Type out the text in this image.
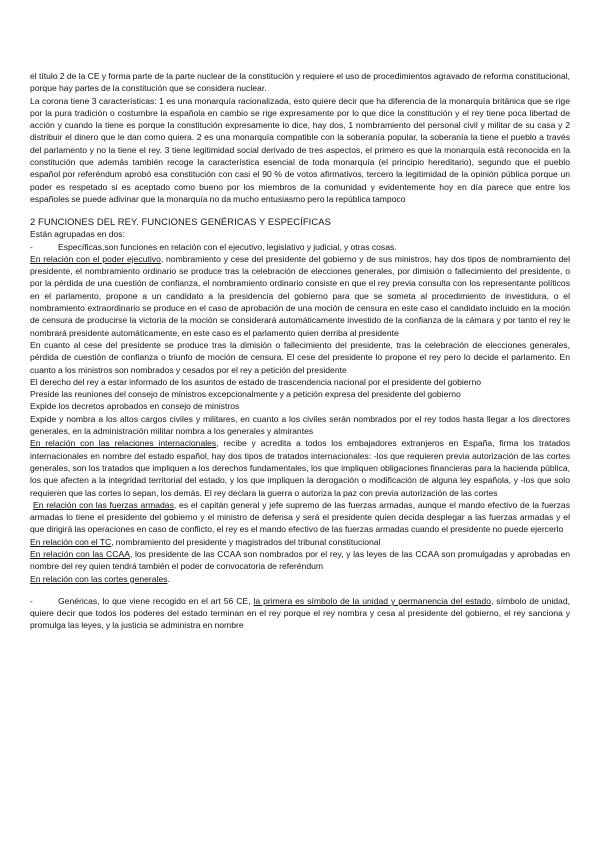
el título 2 de la CE y forma parte de la parte nuclear de la constitución y requiere el uso de procedimientos agravado de reforma constitucional, porque hay partes de la constitución que se considera nuclear.

La corona tiene 3 características: 1 es una monarquía racionalizada, esto quiere decir que ha diferencia de la monarquía británica que se rige por la pura tradición o costumbre la española en cambio se rige expresamente por lo que dice la constitución y el rey tiene poca libertad de acción y cuando la tiene es porque la constitución expresamente lo dice, hay dos, 1 nombramiento del personal civil y militar de su casa y 2 distribuir el dinero que le dan como quiera. 2 es una monarquía compatible con la soberanía popular, la soberanía la tiene el pueblo a través del parlamento y no la tiene el rey. 3 tiene legitimidad social derivado de tres aspectos, el primero es que la monarquía está reconocida en la constitución que además también recoge la característica esencial de toda monarquía (el principio hereditario), segundo que el pueblo español por referéndum aprobó esa constitución con casi el 90 % de votos afirmativos, tercero la legitimidad de la opinión pública porque un poder es respetado si es aceptado como bueno por los miembros de la comunidad y evidentemente hoy en día parece que entre los españoles se puede adivinar que la monarquía no da mucho entusiasmo pero la república tampoco

2 FUNCIONES DEL REY. FUNCIONES GENÉRICAS Y ESPECÍFICAS

Están agrupadas en dos:

-	Específicas,son funciones en relación con el ejecutivo, legislativo y judicial, y otras cosas.

En relación con el poder ejecutivo, nombramiento y cese del presidente del gobierno y de sus ministros, hay dos tipos de nombramiento del presidente, el nombramiento ordinario se produce tras la celebración de elecciones generales, por dimisión o fallecimiento del presidente, o por la pérdida de una cuestión de confianza, el nombramiento ordinario consiste en que el rey previa consulta con los representante políticos en el parlamento, propone a un candidato a la presidencia del gobierno para que se someta al procedimiento de investidura, o el nombramiento extraordinario se produce en el caso de aprobación de una moción de censura en este caso el candidato incluido en la moción de censura de producirse la victoria de la moción se considerará automáticamente investido de la confianza de la cámara y por tanto el rey le nombrará presidente automáticamente, en este caso es el parlamento quien derriba al presidente

En cuanto al cese del presidente se produce tras la dimisión o fallecimiento del presidente, tras la celebración de elecciones generales, pérdida de cuestión de confianza o triunfo de moción de censura. El cese del presidente lo propone el rey pero lo decide el parlamento. En cuanto a los ministros son nombrados y cesados por el rey a petición del presidente

El derecho del rey a estar informado de los asuntos de estado de trascendencia nacional por el presidente del gobierno

Preside las reuniones del consejo de ministros excepcionalmente y a petición expresa del presidente del gobierno

Expide los decretos aprobados en consejo de ministros

Expide y nombra a los altos cargos civiles y militares, en cuanto a los civiles serán nombrados por el rey todos hasta llegar a los directores generales, en la administración militar nombra a los generales y almirantes

En relación con las relaciones internacionales, recibe y acredita a todos los embajadores extranjeros en España, firma los tratados internacionales en nombre del estado español, hay dos tipos de tratados internacionales: -los que requieren previa autorización de las cortes generales, son los tratados que impliquen a los derechos fundamentales, los que impliquen obligaciones financieras para la hacienda pública, los que afecten a la integridad territorial del estado, y los que impliquen la derogación o modificación de alguna ley española, y -los que solo requieren que las cortes lo sepan, los demás. El rey declara la guerra o autoriza la paz con previa autorización de las cortes

En relación con las fuerzas armadas, es el capitán general y jefe supremo de las fuerzas armadas, aunque el mando efectivo de la fuerzas armadas lo tiene el presidente del gobierno y el ministro de defensa y será el presidente quien decida desplegar a las fuerzas armadas y el que dirigirá las operaciones en caso de conflicto, el rey es el mando efectivo de las fuerzas armadas cuando el presidente no puede ejercerlo

En relación con el TC, nombramiento del presidente y magistrados del tribunal constitucional

En relación con las CCAA, los presidente de las CCAA son nombrados por el rey, y las leyes de las CCAA son promulgadas y aprobadas en nombre del rey quien tendrá también el poder de convocatoria de referéndum

En relación con las cortes generales.

-	Genéricas, lo que viene recogido en el art 56 CE, la primera es símbolo de la unidad y permanencia del estado, símbolo de unidad, quiere decir que todos los poderes del estado terminan en el rey porque el rey nombra y cesa al presidente del gobierno, el rey sanciona y promulga las leyes, y la justicia se administra en nombre
